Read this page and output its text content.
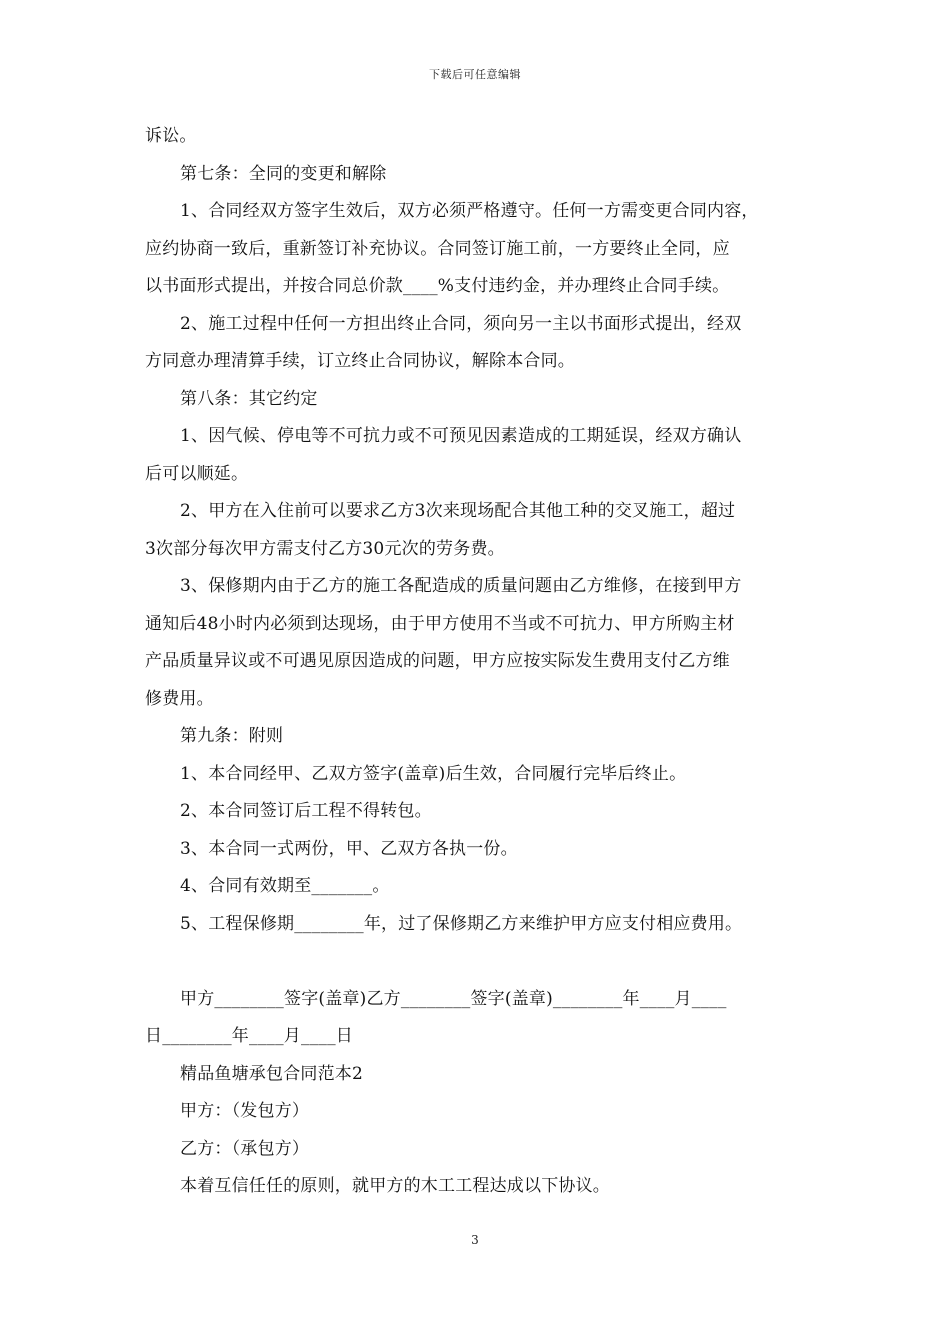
下载后可任意编辑
诉讼。
第七条：全同的变更和解除
1、合同经双方签字生效后，双方必须严格遵守。任何一方需变更合同内容，
应约协商一致后，重新签订补充协议。合同签订施工前，一方要终止全同，应
以书面形式提出，并按合同总价款____%支付违约金，并办理终止合同手续。
2、施工过程中任何一方担出终止合同，须向另一主以书面形式提出，经双
方同意办理清算手续，订立终止合同协议，解除本合同。
第八条：其它约定
1、因气候、停电等不可抗力或不可预见因素造成的工期延误，经双方确认
后可以顺延。
2、甲方在入住前可以要求乙方3次来现场配合其他工种的交叉施工，超过
3次部分每次甲方需支付乙方30元次的劳务费。
3、保修期内由于乙方的施工各配造成的质量问题由乙方维修，在接到甲方
通知后48小时内必须到达现场，由于甲方使用不当或不可抗力、甲方所购主材
产品质量异议或不可遇见原因造成的问题，甲方应按实际发生费用支付乙方维
修费用。
第九条：附则
1、本合同经甲、乙双方签字(盖章)后生效，合同履行完毕后终止。
2、本合同签订后工程不得转包。
3、本合同一式两份，甲、乙双方各执一份。
4、合同有效期至_______。
5、工程保修期________年，过了保修期乙方来维护甲方应支付相应费用。
甲方________签字(盖章)乙方________签字(盖章)________年____月____
日________年____月____日
精品鱼塘承包合同范本2
甲方：（发包方）
乙方：（承包方）
本着互信任任的原则，就甲方的木工工程达成以下协议。
3
